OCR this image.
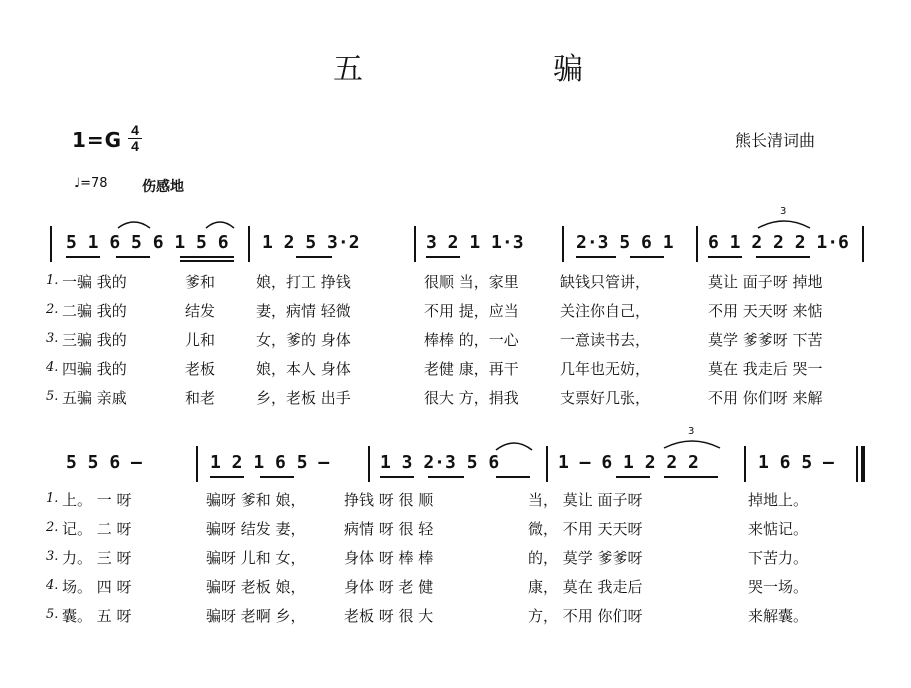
五	骗
1=G 4
4	熊长清词曲
♩=78 伤感地
5 1 6 5 6 1 5 6 1 2 5 3·2	3 2 1 1·3	2·3 5 6 1 6 1 2 2 2 1·6
3
5 5 6 –	1 2 1 6 5 –	1 3 2·3 5 6	1 – 6 1 2 2 2	1 6 5 –
3
1. 一骗 我的	爹和	娘，打工 挣钱	很顺 当，家里	缺钱只管讲，	莫让 面子呀 掉地
2. 二骗 我的	结发	妻，病情 轻微	不用 提，应当	关注你自己，	不用 天天呀 来惦
3. 三骗 我的	儿和	女，爹的 身体	棒棒 的，一心	一意读书去，	莫学 爹爹呀 下苦
4. 四骗 我的	老板	娘，本人 身体	老健 康，再干	几年也无妨，	莫在 我走后 哭一
5. 五骗 亲戚	和老	乡，老板 出手	很大 方，捐我	支票好几张，	不用 你们呀 来解
1. 上。 一 呀	骗呀 爹和 娘，	挣钱 呀 很 顺	当， 莫让 面子呀	掉地上。
2. 记。 二 呀	骗呀 结发 妻，	病情 呀 很 轻	微， 不用 天天呀	来惦记。
3. 力。 三 呀	骗呀 儿和 女，	身体 呀 棒 棒	的， 莫学 爹爹呀	下苦力。
4. 场。 四 呀	骗呀 老板 娘，	身体 呀 老 健	康， 莫在 我走后	哭一场。
5. 囊。 五 呀	骗呀 老啊 乡，	老板 呀 很 大	方， 不用 你们呀	来解囊。
